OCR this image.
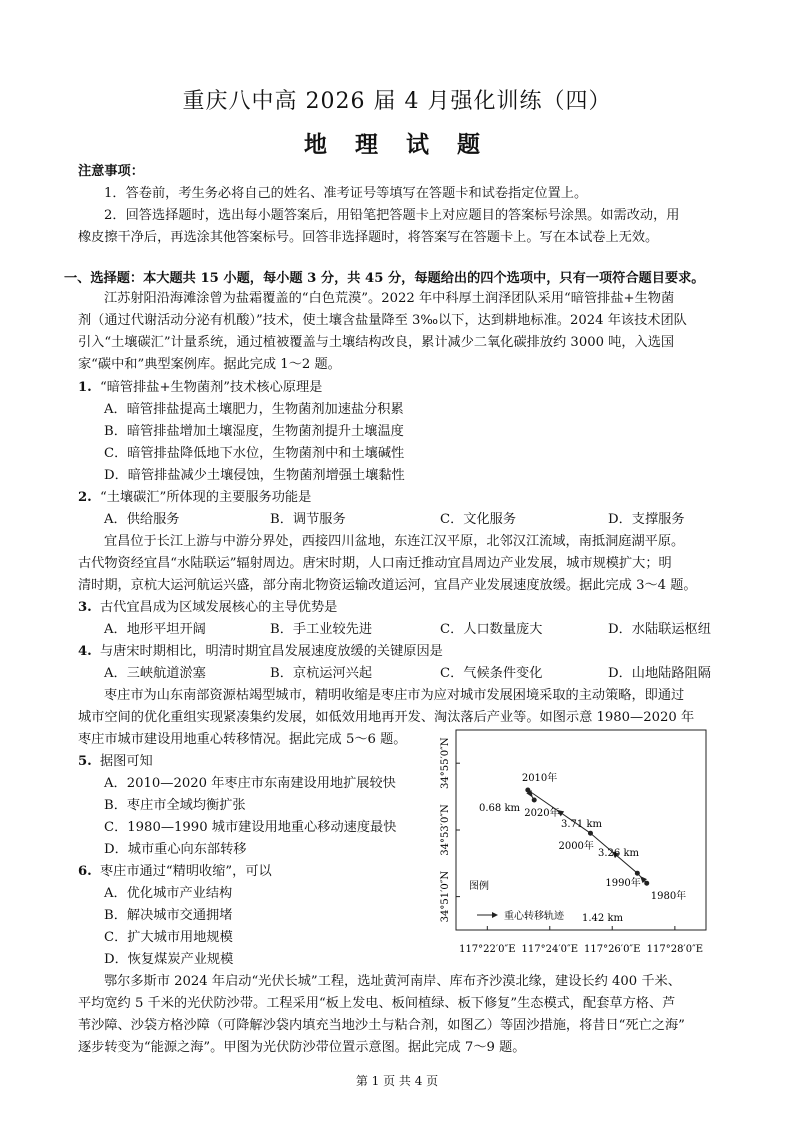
重庆八中高 2026 届 4 月强化训练（四）
地 理 试 题
注意事项：
1．答卷前，考生务必将自己的姓名、准考证号等填写在答题卡和试卷指定位置上。
2．回答选择题时，选出每小题答案后，用铅笔把答题卡上对应题目的答案标号涂黑。如需改动，用
橡皮擦干净后，再选涂其他答案标号。回答非选择题时，将答案写在答题卡上。写在本试卷上无效。
一、选择题：本大题共 15 小题，每小题 3 分，共 45 分，每题给出的四个选项中，只有一项符合题目要求。
江苏射阳沿海滩涂曾为盐霜覆盖的“白色荒漠”。2022 年中科厚土润泽团队采用“暗管排盐+生物菌
剂（通过代谢活动分泌有机酸）”技术，使土壤含盐量降至 3‰以下，达到耕地标准。2024 年该技术团队
引入“土壤碳汇”计量系统，通过植被覆盖与土壤结构改良，累计减少二氧化碳排放约 3000 吨，入选国
家“碳中和”典型案例库。据此完成 1～2 题。
1. “暗管排盐+生物菌剂”技术核心原理是
A．暗管排盐提高土壤肥力，生物菌剂加速盐分积累
B．暗管排盐增加土壤湿度，生物菌剂提升土壤温度
C．暗管排盐降低地下水位，生物菌剂中和土壤碱性
D．暗管排盐减少土壤侵蚀，生物菌剂增强土壤黏性
2. “土壤碳汇”所体现的主要服务功能是
A．供给服务	B．调节服务	C．文化服务	D．支撑服务
宜昌位于长江上游与中游分界处，西接四川盆地，东连江汉平原，北邻汉江流域，南抵洞庭湖平原。
古代物资经宜昌“水陆联运”辐射周边。唐宋时期，人口南迁推动宜昌周边产业发展，城市规模扩大；明
清时期，京杭大运河航运兴盛，部分南北物资运输改道运河，宜昌产业发展速度放缓。据此完成 3～4 题。
3. 古代宜昌成为区域发展核心的主导优势是
A．地形平坦开阔	B．手工业较先进	C．人口数量庞大	D．水陆联运枢纽
4. 与唐宋时期相比，明清时期宜昌发展速度放缓的关键原因是
A．三峡航道淤塞	B．京杭运河兴起	C．气候条件变化	D．山地陆路阻隔
枣庄市为山东南部资源枯竭型城市，精明收缩是枣庄市为应对城市发展困境采取的主动策略，即通过
城市空间的优化重组实现紧凑集约发展，如低效用地再开发、淘汰落后产业等。如图示意 1980—2020 年
枣庄市城市建设用地重心转移情况。据此完成 5～6 题。
5. 据图可知
A．2010—2020 年枣庄市东南建设用地扩展较快
B．枣庄市全域均衡扩张
C．1980—1990 城市建设用地重心移动速度最快
D．城市重心向东部转移
6. 枣庄市通过“精明收缩”，可以
A．优化城市产业结构
B．解决城市交通拥堵
C．扩大城市用地规模
D．恢复煤炭产业规模
34°51′0″N
34°53′0″N
34°55′0″N
117°22′0″E 117°24′0″E 117°26′0″E 117°28′0″E
1980年
1990年
2000年
2010年
2020年
1.42 km
3.26 km
3.71 km
0.68 km
图例
重心转移轨迹
鄂尔多斯市 2024 年启动“光伏长城”工程，选址黄河南岸、库布齐沙漠北缘，建设长约 400 千米、
平均宽约 5 千米的光伏防沙带。工程采用“板上发电、板间植绿、板下修复”生态模式，配套草方格、芦
苇沙障、沙袋方格沙障（可降解沙袋内填充当地沙土与粘合剂，如图乙）等固沙措施，将昔日“死亡之海”
逐步转变为“能源之海”。甲图为光伏防沙带位置示意图。据此完成 7～9 题。
第 1 页 共 4 页
